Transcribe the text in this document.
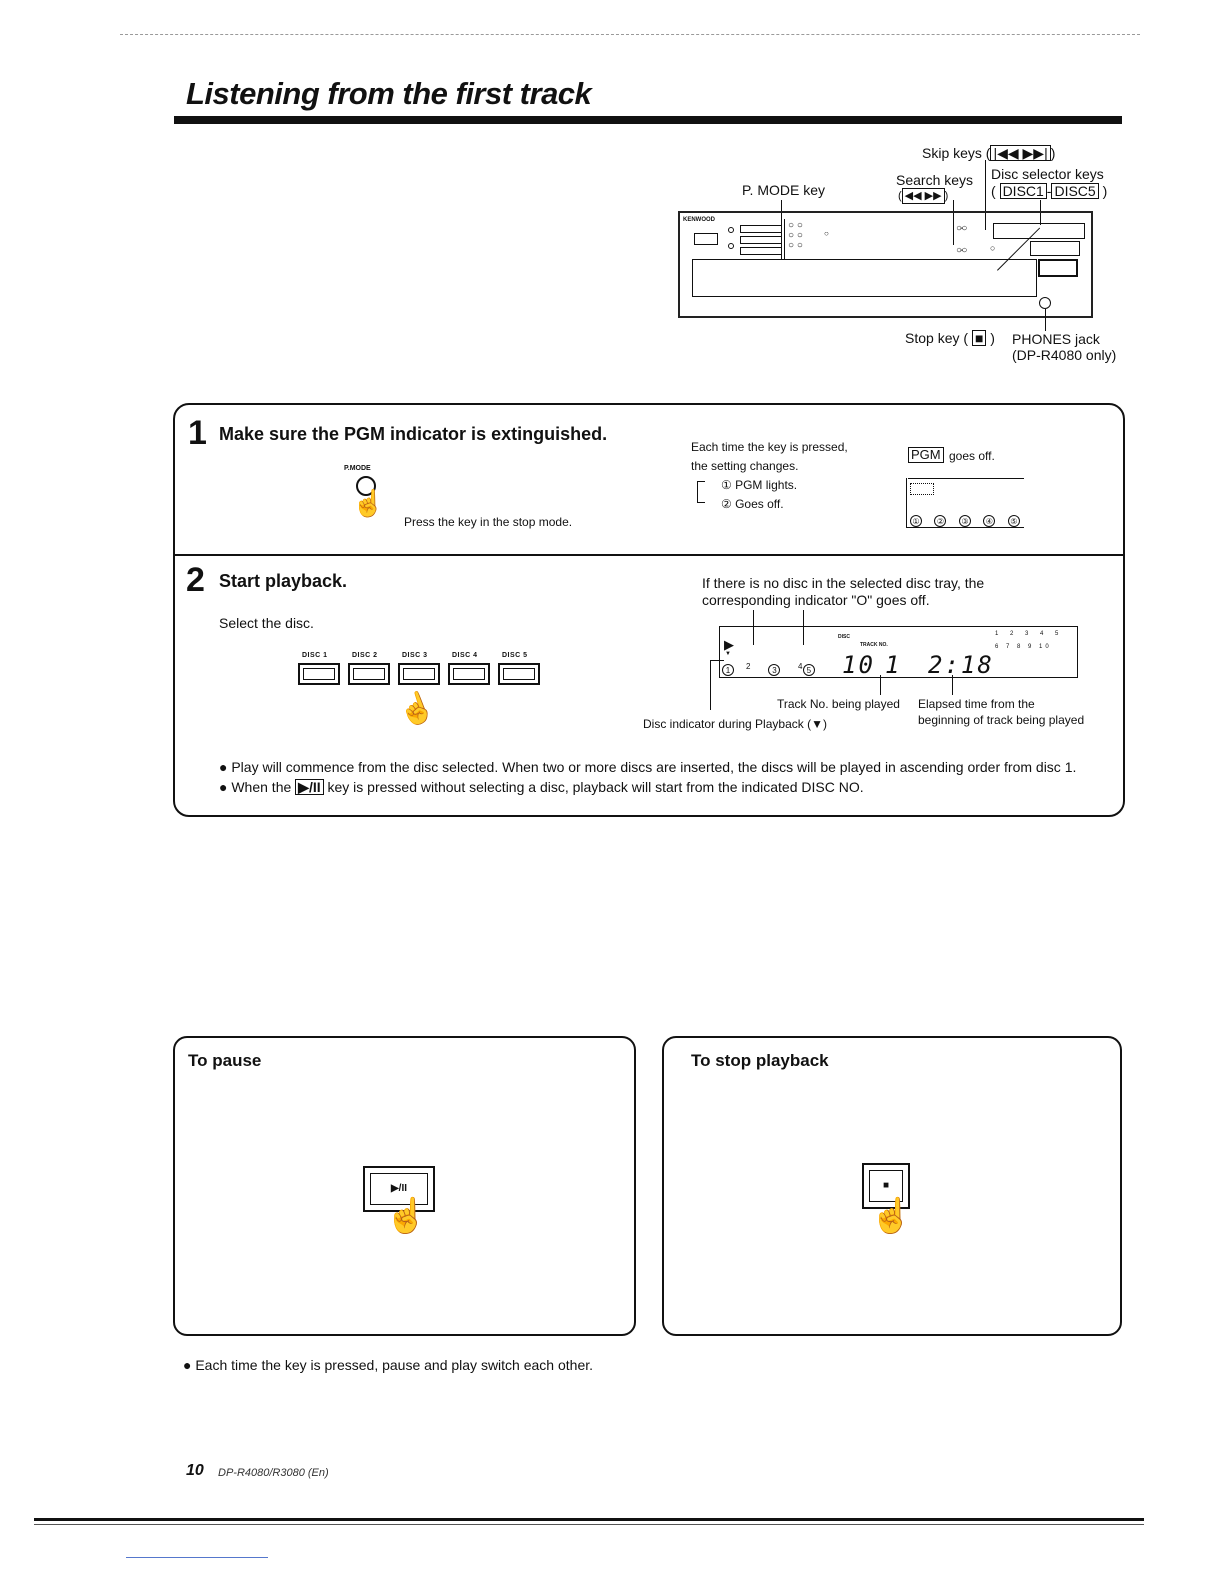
Listening from the first track
Skip keys ( |◀◀ ▶▶| )
Search keys
( ◀◀ ▶▶ )
P. MODE key
Disc selector keys
( DISC1 - DISC5 )
KENWOOD	○ ○
○ ○
○ ○
○	○-○

○-○	○
Stop key ( ■ ) PHONES jack
(DP-R4080 only)
1 Make sure the PGM indicator is extinguished.
P.MODE
☝
Press the key in the stop mode.
Each time the key is pressed,
the setting changes.
① PGM lights.
② Goes off.
PGM goes off.
① ② ③ ④ ⑤
2 Start playback.
Select the disc.
DISC 1	DISC 2	DISC 3	DISC 4	DISC 5
☝
If there is no disc in the selected disc tray, the
corresponding indicator "O" goes off.
▶	DISC
TRACK NO.
1 2 3 4 5
6 7 8 9 10
▼
1 2	3	4 5	10 1 2:18
Track No. being played Elapsed time from the
beginning of track being played
Disc indicator during Playback (▼)
● Play will commence from the disc selected. When two or more discs are inserted, the discs will be played in ascending order from disc 1.
● When the ▶/II key is pressed without selecting a disc, playback will start from the indicated DISC NO.
To pause
▶/II
☝
● Each time the key is pressed, pause and play switch each other.
To stop playback
■
☝
10 DP-R4080/R3080 (En)
